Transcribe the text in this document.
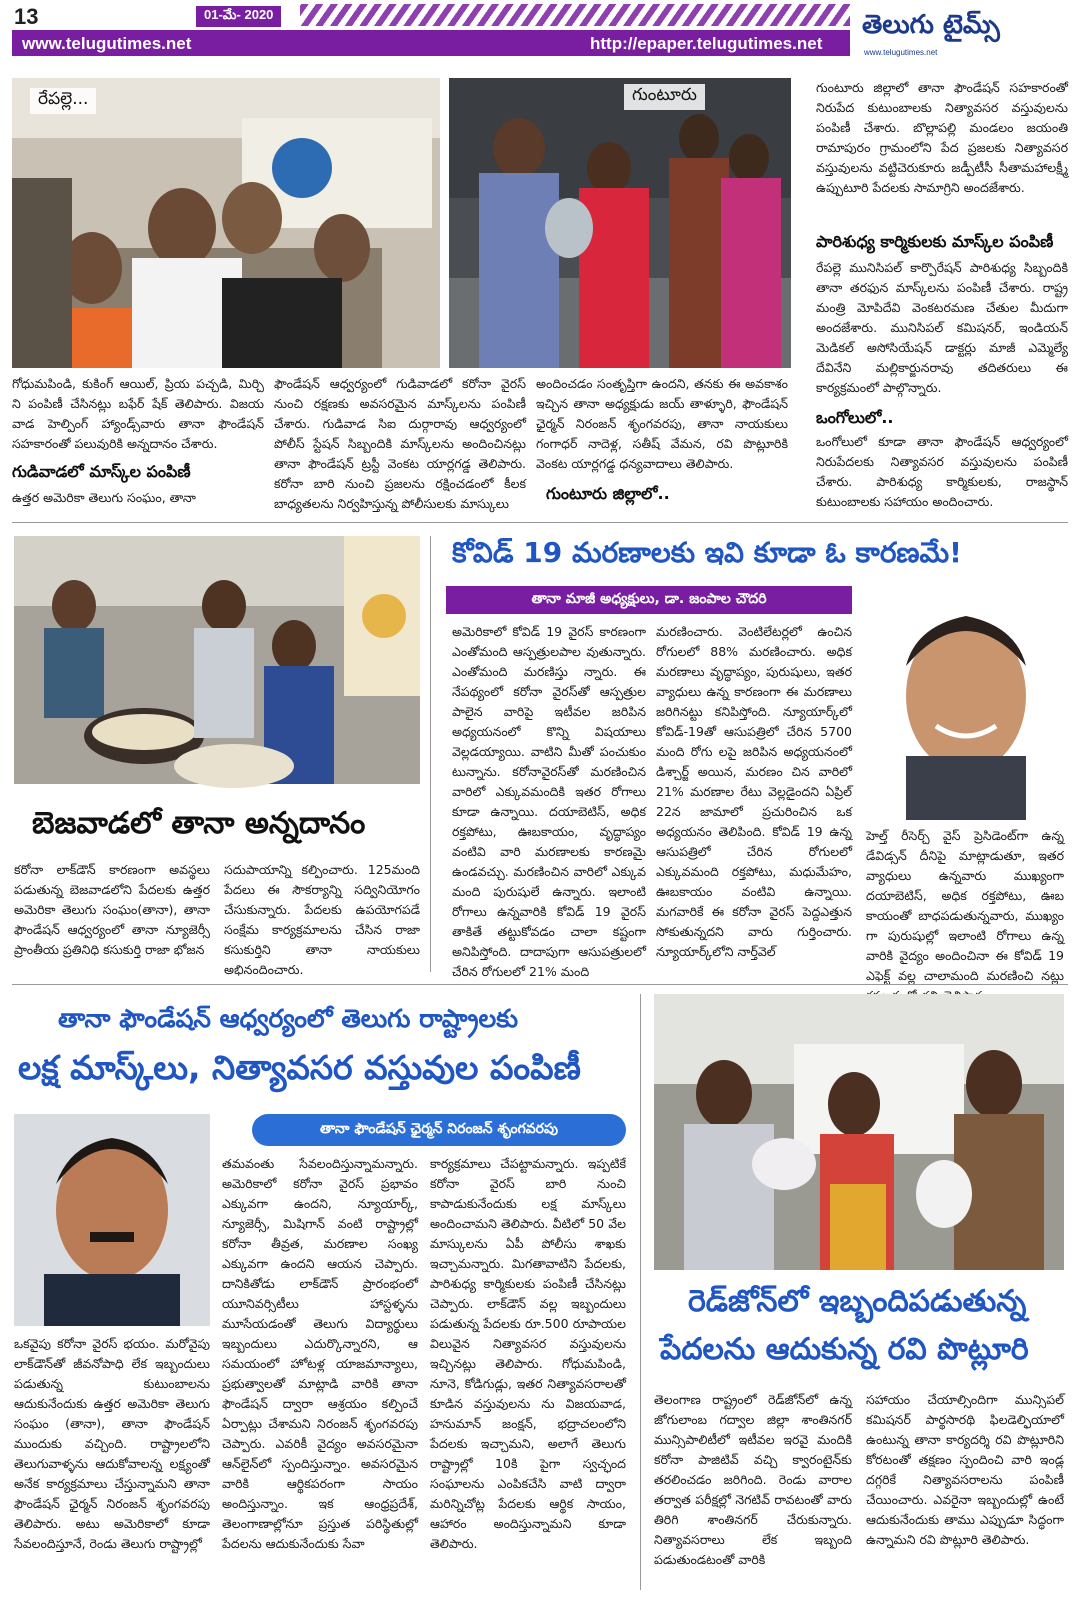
13	01-మే- 2020
www.telugutimes.net	http://epaper.telugutimes.net
తెలుగు టైమ్స్
www.telugutimes.net
రేపల్లె...	గుంటూరు
గోధుమపిండి, కుకింగ్ ఆయిల్, ప్రియ పచ్చడి, మిర్చి ని పంపిణీ చేసినట్లు బఫేర్ షేక్ తెలిపారు. విజయ వాడ హెల్పింగ్ హ్యాండ్స్‌వారు తానా ఫౌండేషన్ సహకారంతో పలువురికి అన్నదానం చేశారు.
గుడివాడలో మాస్క్‌ల పంపిణీ
ఉత్తర అమెరికా తెలుగు సంఘం, తానా
ఫౌండేషన్ ఆధ్వర్యంలో గుడివాడలో కరోనా వైరస్ నుంచి రక్షణకు అవసరమైన మాస్క్‌లను పంపిణీ చేశారు. గుడివాడ సిఐ దుర్గారావు ఆధ్వర్యంలో పోలీస్ స్టేషన్ సిబ్బందికి మాస్క్‌లను అందించినట్లు తానా ఫౌండేషన్ ట్రస్టీ వెంకట యార్లగడ్డ తెలిపారు. కరోనా బారి నుంచి ప్రజలను రక్షించడంలో కీలక బాధ్యతలను నిర్వహిస్తున్న పోలీసులకు మాస్కులు
అందించడం సంతృప్తిగా ఉందని, తనకు ఈ అవకాశం ఇచ్చిన తానా అధ్యక్షుడు జయ్ తాళ్ళూరి, ఫౌండేషన్ ఛైర్మన్ నిరంజన్ శృంగవరపు, తానా నాయకులు గంగాధర్ నాదెళ్ల, సతీష్ వేమన, రవి పొట్లూరికి వెంకట యార్లగడ్డ ధన్యవాదాలు తెలిపారు.
గుంటూరు జిల్లాలో..
గుంటూరు జిల్లాలో తానా ఫౌండేషన్ సహకారంతో నిరుపేద కుటుంబాలకు నిత్యావసర వస్తువులను పంపిణీ చేశారు. బొల్లాపల్లి మండలం జయంతి రామాపురం గ్రామంలోని పేద ప్రజలకు నిత్యావసర వస్తువులను వట్టిచెరుకూరు జడ్పీటీసీ సీతామహాలక్ష్మీ ఉప్పుటూరి పేదలకు సామాగ్రిని అందజేశారు.
పారిశుధ్య కార్మికులకు మాస్క్‌ల పంపిణీ
రేపల్లె మునిసిపల్ కార్పొరేషన్ పారిశుధ్య సిబ్బందికి తానా తరఫున మాస్క్‌లను పంపిణీ చేశారు. రాష్ట్ర మంత్రి మోపిదేవి వెంకటరమణ చేతుల మీదుగా అందజేశారు. మునిసిపల్ కమిషనర్, ఇండియన్ మెడికల్ అసోసియేషన్ డాక్టర్లు మాజీ ఎమ్మెల్యే దేవినేని మల్లికార్జునరావు తదితరులు ఈ కార్యక్రమంలో పాల్గొన్నారు.
ఒంగోలులో..
ఒంగోలులో కూడా తానా ఫౌండేషన్ ఆధ్వర్యంలో నిరుపేదలకు నిత్యావసర వస్తువులను పంపిణీ చేశారు. పారిశుధ్య కార్మికులకు, రాజస్థాన్ కుటుంబాలకు సహాయం అందించారు.
బెజవాడలో తానా అన్నదానం
కరోనా లాక్‌డౌన్ కారణంగా అవస్థలు పడుతున్న బెజవాడలోని పేదలకు ఉత్తర అమెరికా తెలుగు సంఘం(తానా), తానా ఫౌండేషన్ ఆధ్వర్యంలో తానా న్యూజెర్సీ ప్రాంతీయ ప్రతినిధి కసుకుర్తి రాజా భోజన
సదుపాయాన్ని కల్పించారు. 125మంది పేదలు ఈ సౌకర్యాన్ని సద్వినియోగం చేసుకున్నారు. పేదలకు ఉపయోగపడే సంక్షేమ కార్యక్రమాలను చేసిన రాజా కసుకుర్తిని తానా నాయకులు అభినందించారు.
కోవిడ్ 19 మరణాలకు ఇవి కూడా ఓ కారణమే!
తానా మాజీ అధ్యక్షులు, డా. జంపాల చౌదరి
అమెరికాలో కోవిడ్ 19 వైరస్ కారణంగా ఎంతోమంది ఆస్పత్రులపాల వుతున్నారు. ఎంతోమంది మరణిస్తు న్నారు. ఈ నేపథ్యంలో కరోనా వైరస్‌తో ఆస్పత్రుల పాలైన వారిపై ఇటీవల జరిపిన అధ్యయనంలో కొన్ని విషయాలు వెల్లడయ్యాయి. వాటిని మీతో పంచుకుం టున్నాను. కరోనావైరస్‌తో మరణించిన వారిలో ఎక్కువమందికి ఇతర రోగాలు కూడా ఉన్నాయి. దయాబెటిస్, అధిక రక్తపోటు, ఊబకాయం, వృద్ధాప్యం వంటివి వారి మరణాలకు కారణమై ఉండవచ్చు. మరణించిన వారిలో ఎక్కువ మంది పురుషులే ఉన్నారు. ఇలాంటి రోగాలు ఉన్నవారికి కోవిడ్ 19 వైరస్ తాకితే తట్టుకోవడం చాలా కష్టంగా అనిపిస్తోంది. దాదాపుగా ఆసుపత్రులలో చేరిన రోగులలో 21% మంది
మరణించారు. వెంటిలేటర్లలో ఉంచిన రోగులలో 88% మరణించారు. అధిక మరణాలు వృద్ధాప్యం, పురుషులు, ఇతర వ్యాధులు ఉన్న కారణంగా ఈ మరణాలు జరిగినట్టు కనిపిస్తోంది. న్యూయార్క్‌లో కోవిడ్-19తో ఆసుపత్రిలో చేరిన 5700 మంది రోగు లపై జరిపిన అధ్యయనంలో డిశ్చార్జ్ అయిన, మరణం చిన వారిలో 21% మరణాల రేటు వెల్లడైందని ఏప్రిల్ 22న జామాలో ప్రచురించిన ఒక అధ్యయనం తెలిపింది. కోవిడ్ 19 ఉన్న ఆసుపత్రిలో చేరిన రోగులలో ఎక్కువమంది రక్తపోటు, మధుమేహం, ఊబకాయం వంటివి ఉన్నాయి. మగవారికే ఈ కరోనా వైరస్ పెద్దఎత్తున సోకుతున్నదని వారు గుర్తించారు. న్యూయార్క్‌లోని నార్త్‌వెల్
హెల్త్ రీసెర్చ్ వైస్ ప్రెసిడెంట్‌గా ఉన్న డేవిడ్సన్ దీనిపై మాట్లాడుతూ, ఇతర వ్యాధులు ఉన్నవారు ముఖ్యంగా దయాబెటిస్, అధిక రక్తపోటు, ఊబ కాయంతో బాధపడుతున్నవారు, ముఖ్యం గా పురుషుల్లో ఇలాంటి రోగాలు ఉన్న వారికి వైద్యం అందించినా ఈ కోవిడ్ 19 ఎఫెక్ట్ వల్ల చాలామంది మరణించి నట్లు
తానా ఫౌండేషన్ ఆధ్వర్యంలో తెలుగు రాష్ట్రాలకు
లక్ష మాస్క్‌లు, నిత్యావసర వస్తువుల పంపిణీ
తానా ఫౌండేషన్ ఛైర్మన్ నిరంజన్ శృంగవరపు
ఒకవైపు కరోనా వైరస్ భయం. మరోవైపు లాక్‌డౌన్‌తో జీవనోపాధి లేక ఇబ్బందులు పడుతున్న కుటుంబాలను ఆదుకునేందుకు ఉత్తర అమెరికా తెలుగు సంఘం (తానా), తానా ఫౌండేషన్ ముందుకు వచ్చింది. రాష్ట్రాలలోని తెలుగువాళ్ళను ఆదుకోవాలన్న లక్ష్యంతో అనేక కార్యక్రమాలు చేస్తున్నామని తానా ఫౌండేషన్ ఛైర్మన్ నిరంజన్ శృంగవరపు తెలిపారు. అటు అమెరికాలో కూడా సేవలందిస్తూనే, రెండు తెలుగు రాష్ట్రాల్లో
తమవంతు సేవలందిస్తున్నామన్నారు. అమెరికాలో కరోనా వైరస్ ప్రభావం ఎక్కువగా ఉందని, న్యూయార్క్, న్యూజెర్సీ, మిషిగాన్ వంటి రాష్ట్రాల్లో కరోనా తీవ్రత, మరణాల సంఖ్య ఎక్కువగా ఉందని ఆయన చెప్పారు. దానికితోడు లాక్‌డౌన్ ప్రారంభంలో యూనివర్సిటీలు హాస్టళ్ళను మూసేయడంతో తెలుగు విద్యార్థులు ఇబ్బందులు ఎదుర్కొన్నారని, ఆ సమయంలో హోటళ్ల యాజమాన్యాలు, ప్రభుత్వాలతో మాట్లాడి వారికి తానా ఫౌండేషన్ ద్వారా ఆశ్రయం కల్పించే ఏర్పాట్లు చేశామని నిరంజన్ శృంగవరపు చెప్పారు. ఎవరికీ వైద్యం అవసరమైనా ఆన్‌లైన్‌లో స్పందిస్తున్నాం. అవసరమైన వారికి ఆర్థికపరంగా సాయం అందిస్తున్నాం. ఇక ఆంధ్రప్రదేశ్, తెలంగాణాల్లోనూ ప్రస్తుత పరిస్థితుల్లో పేదలను ఆదుకునేందుకు సేవా
కార్యక్రమాలు చేపట్టామన్నారు. ఇప్పటికే కరోనా వైరస్ బారి నుంచి కాపాడుకునేందుకు లక్ష మాస్క్‌లు అందించామని తెలిపారు. వీటిలో 50 వేల మాస్కులను ఏపీ పోలీసు శాఖకు ఇచ్చామన్నారు. మిగతావాటిని పేదలకు, పారిశుధ్య కార్మికులకు పంపిణీ చేసినట్లు చెప్పారు. లాక్‌డౌన్ వల్ల ఇబ్బందులు పడుతున్న పేదలకు రూ.500 రూపాయల విలువైన నిత్యావసర వస్తువులను ఇచ్చినట్లు తెలిపారు. గోధుమపిండి, నూనె, కోడిగుడ్లు, ఇతర నిత్యావసరాలతో కూడిన వస్తువులను ను విజయవాడ, హనుమాన్ జంక్షన్, భద్రాచలంలోని పేదలకు ఇచ్చామని, అలాగే తెలుగు రాష్ట్రాల్లో 10కి పైగా స్వచ్ఛంద సంఘాలను ఎంపికచేసి వాటి ద్వారా మరిన్నిచోట్ల పేదలకు ఆర్థిక సాయం, ఆహారం అందిస్తున్నామని కూడా తెలిపారు.
రెడ్‌జోన్‌లో ఇబ్బందిపడుతున్న
పేదలను ఆదుకున్న రవి పొట్లూరి
తెలంగాణ రాష్ట్రంలో రెడ్‌జోన్‌లో ఉన్న జోగులాంబ గద్వాల జిల్లా శాంతినగర్ మున్సిపాలిటీలో ఇటీవల ఇరవై మందికి కరోనా పాజిటివ్ వచ్చి క్వారంటైన్‌కు తరలించడం జరిగింది. రెండు వారాల తర్వాత పరీక్షల్లో నెగటివ్ రావటంతో వారు తిరిగి శాంతినగర్ చేరుకున్నారు. నిత్యావసరాలు లేక ఇబ్బంది పడుతుండటంతో వారికి
సహాయం చేయాల్సిందిగా మున్సిపల్ కమిషనర్ పార్థసారథి ఫిలడెల్ఫియాలో ఉంటున్న తానా కార్యదర్శి రవి పొట్లూరిని కోరటంతో తక్షణం స్పందించి వారి ఇండ్ల దగ్గరికే నిత్యావసరాలను పంపిణీ చేయించారు. ఎవరైనా ఇబ్బందుల్లో ఉంటే ఆదుకునేందుకు తాము ఎప్పుడూ సిద్ధంగా ఉన్నామని రవి పొట్లూరి తెలిపారు.
